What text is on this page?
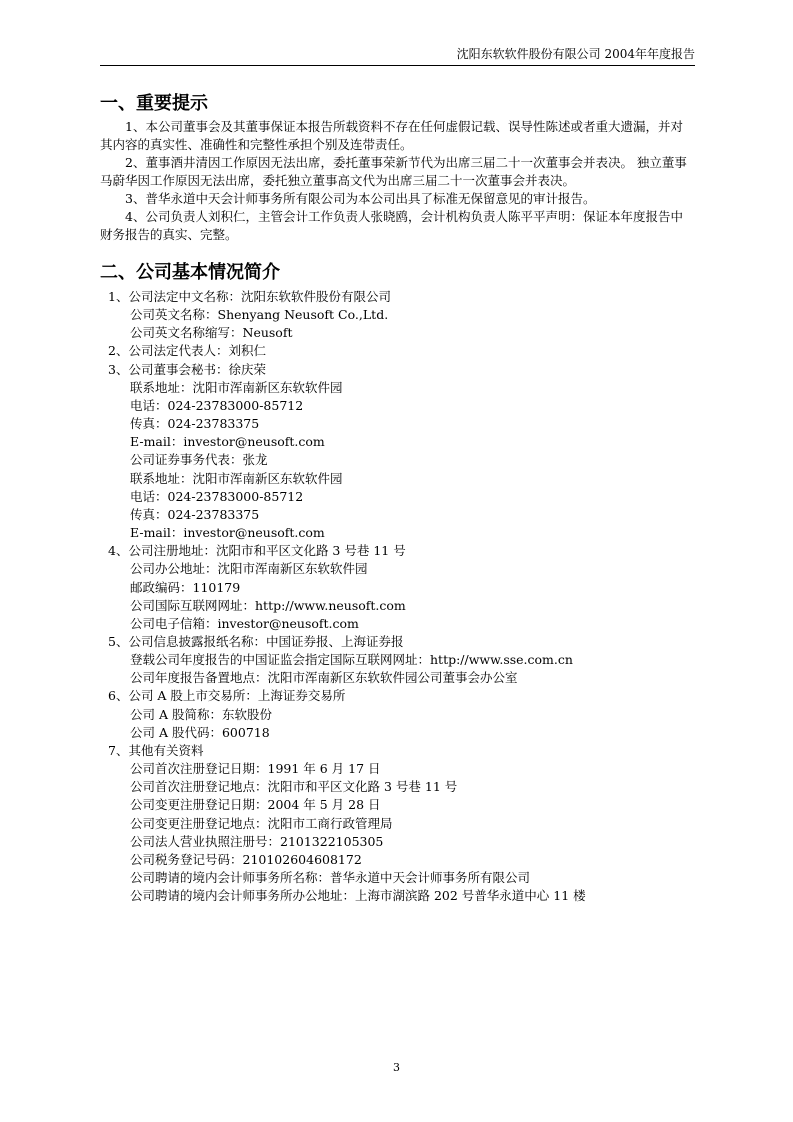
沈阳东软软件股份有限公司 2004年年度报告
一、重要提示

1、本公司董事会及其董事保证本报告所载资料不存在任何虚假记载、误导性陈述或者重大遗漏，并对其内容的真实性、准确性和完整性承担个别及连带责任。

2、董事酒井清因工作原因无法出席，委托董事荣新节代为出席三届二十一次董事会并表决。 独立董事马蔚华因工作原因无法出席，委托独立董事高文代为出席三届二十一次董事会并表决。

3、普华永道中天会计师事务所有限公司为本公司出具了标准无保留意见的审计报告。

4、公司负责人刘积仁，主管会计工作负责人张晓鸥，会计机构负责人陈平平声明：保证本年度报告中财务报告的真实、完整。

二、公司基本情况简介
1、公司法定中文名称：沈阳东软软件股份有限公司
公司英文名称：Shenyang Neusoft Co.,Ltd.
公司英文名称缩写：Neusoft
2、公司法定代表人：刘积仁
3、公司董事会秘书：徐庆荣
联系地址：沈阳市浑南新区东软软件园
电话：024-23783000-85712
传真：024-23783375
E-mail：investor@neusoft.com
公司证券事务代表：张龙
联系地址：沈阳市浑南新区东软软件园
电话：024-23783000-85712
传真：024-23783375
E-mail：investor@neusoft.com
4、公司注册地址：沈阳市和平区文化路 3 号巷 11 号
公司办公地址：沈阳市浑南新区东软软件园
邮政编码：110179
公司国际互联网网址：http://www.neusoft.com
公司电子信箱：investor@neusoft.com
5、公司信息披露报纸名称：中国证券报、上海证券报
登载公司年度报告的中国证监会指定国际互联网网址：http://www.sse.com.cn
公司年度报告备置地点：沈阳市浑南新区东软软件园公司董事会办公室
6、公司 A 股上市交易所：上海证券交易所
公司 A 股简称：东软股份
公司 A 股代码：600718
7、其他有关资料
公司首次注册登记日期：1991 年 6 月 17 日
公司首次注册登记地点：沈阳市和平区文化路 3 号巷 11 号
公司变更注册登记日期：2004 年 5 月 28 日
公司变更注册登记地点：沈阳市工商行政管理局
公司法人营业执照注册号：2101322105305
公司税务登记号码：210102604608172
公司聘请的境内会计师事务所名称：普华永道中天会计师事务所有限公司
公司聘请的境内会计师事务所办公地址：上海市湖滨路 202 号普华永道中心 11 楼
3
